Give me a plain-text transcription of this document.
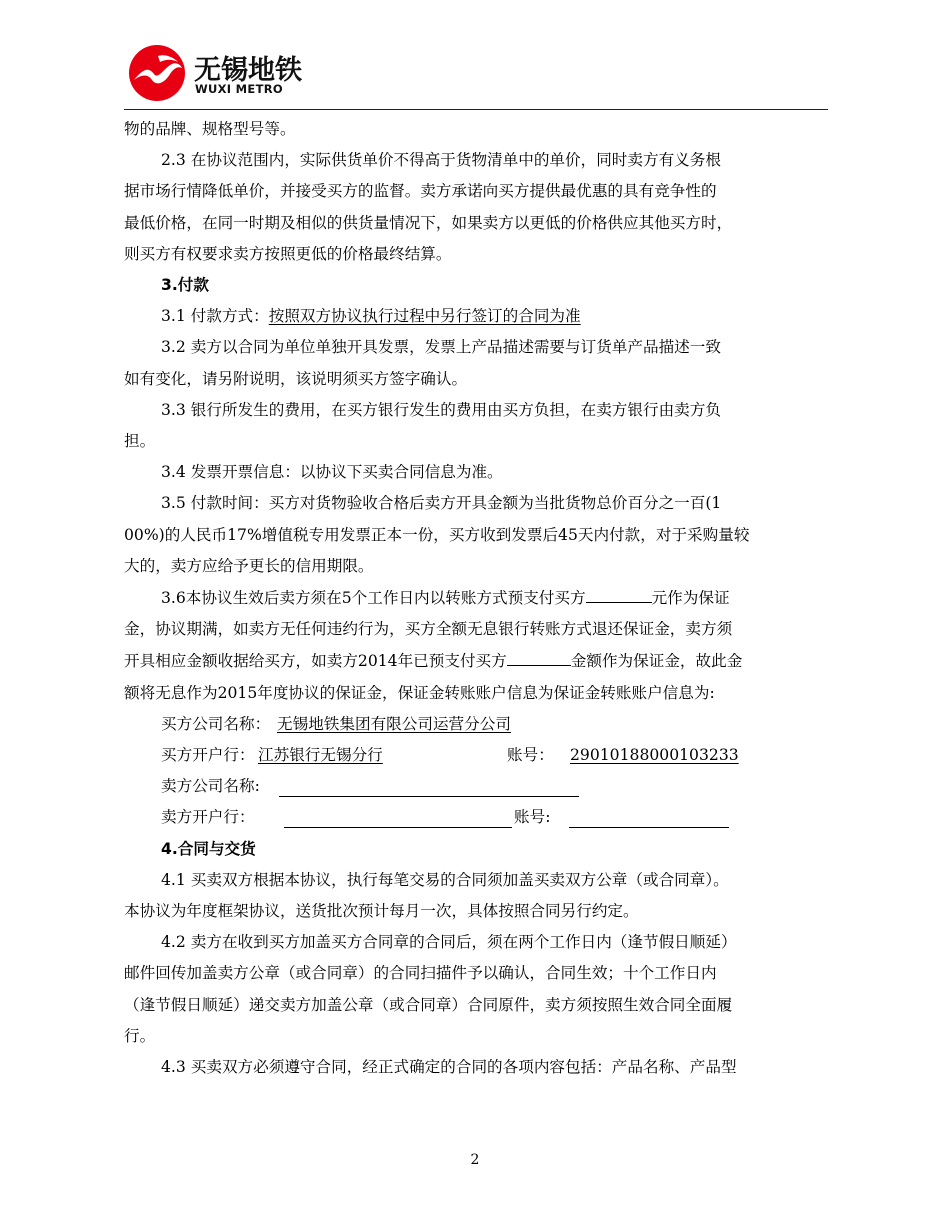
无锡地铁
WUXI METRO

物的品牌、规格型号等。

2.3 在协议范围内，实际供货单价不得高于货物清单中的单价，同时卖方有义务根

据市场行情降低单价，并接受买方的监督。卖方承诺向买方提供最优惠的具有竞争性的

最低价格，在同一时期及相似的供货量情况下，如果卖方以更低的价格供应其他买方时，

则买方有权要求卖方按照更低的价格最终结算。

3.付款

3.1 付款方式：按照双方协议执行过程中另行签订的合同为准

3.2 卖方以合同为单位单独开具发票，发票上产品描述需要与订货单产品描述一致

如有变化，请另附说明，该说明须买方签字确认。

3.3 银行所发生的费用，在买方银行发生的费用由买方负担，在卖方银行由卖方负

担。

3.4 发票开票信息：以协议下买卖合同信息为准。

3.5 付款时间：买方对货物验收合格后卖方开具金额为当批货物总价百分之一百(1

00%)的人民币17%增值税专用发票正本一份，买方收到发票后45天内付款，对于采购量较

大的，卖方应给予更长的信用期限。

3.6本协议生效后卖方须在5个工作日内以转账方式预支付买方	元作为保证

金，协议期满，如卖方无任何违约行为，买方全额无息银行转账方式退还保证金，卖方须

开具相应金额收据给买方，如卖方2014年已预支付买方	金额作为保证金，故此金

额将无息作为2015年度协议的保证金，保证金转账账户信息为保证金转账账户信息为:

买方公司名称： 无锡地铁集团有限公司运营分公司
买方开户行： 江苏银行无锡分行	账号： 29010188000103233
卖方公司名称:
卖方开户行：	账号:

4.合同与交货

4.1 买卖双方根据本协议，执行每笔交易的合同须加盖买卖双方公章（或合同章）。

本协议为年度框架协议，送货批次预计每月一次，具体按照合同另行约定。

4.2 卖方在收到买方加盖买方合同章的合同后，须在两个工作日内（逢节假日顺延）

邮件回传加盖卖方公章（或合同章）的合同扫描件予以确认，合同生效；十个工作日内

（逢节假日顺延）递交卖方加盖公章（或合同章）合同原件，卖方须按照生效合同全面履

行。

4.3 买卖双方必须遵守合同，经正式确定的合同的各项内容包括：产品名称、产品型

2
